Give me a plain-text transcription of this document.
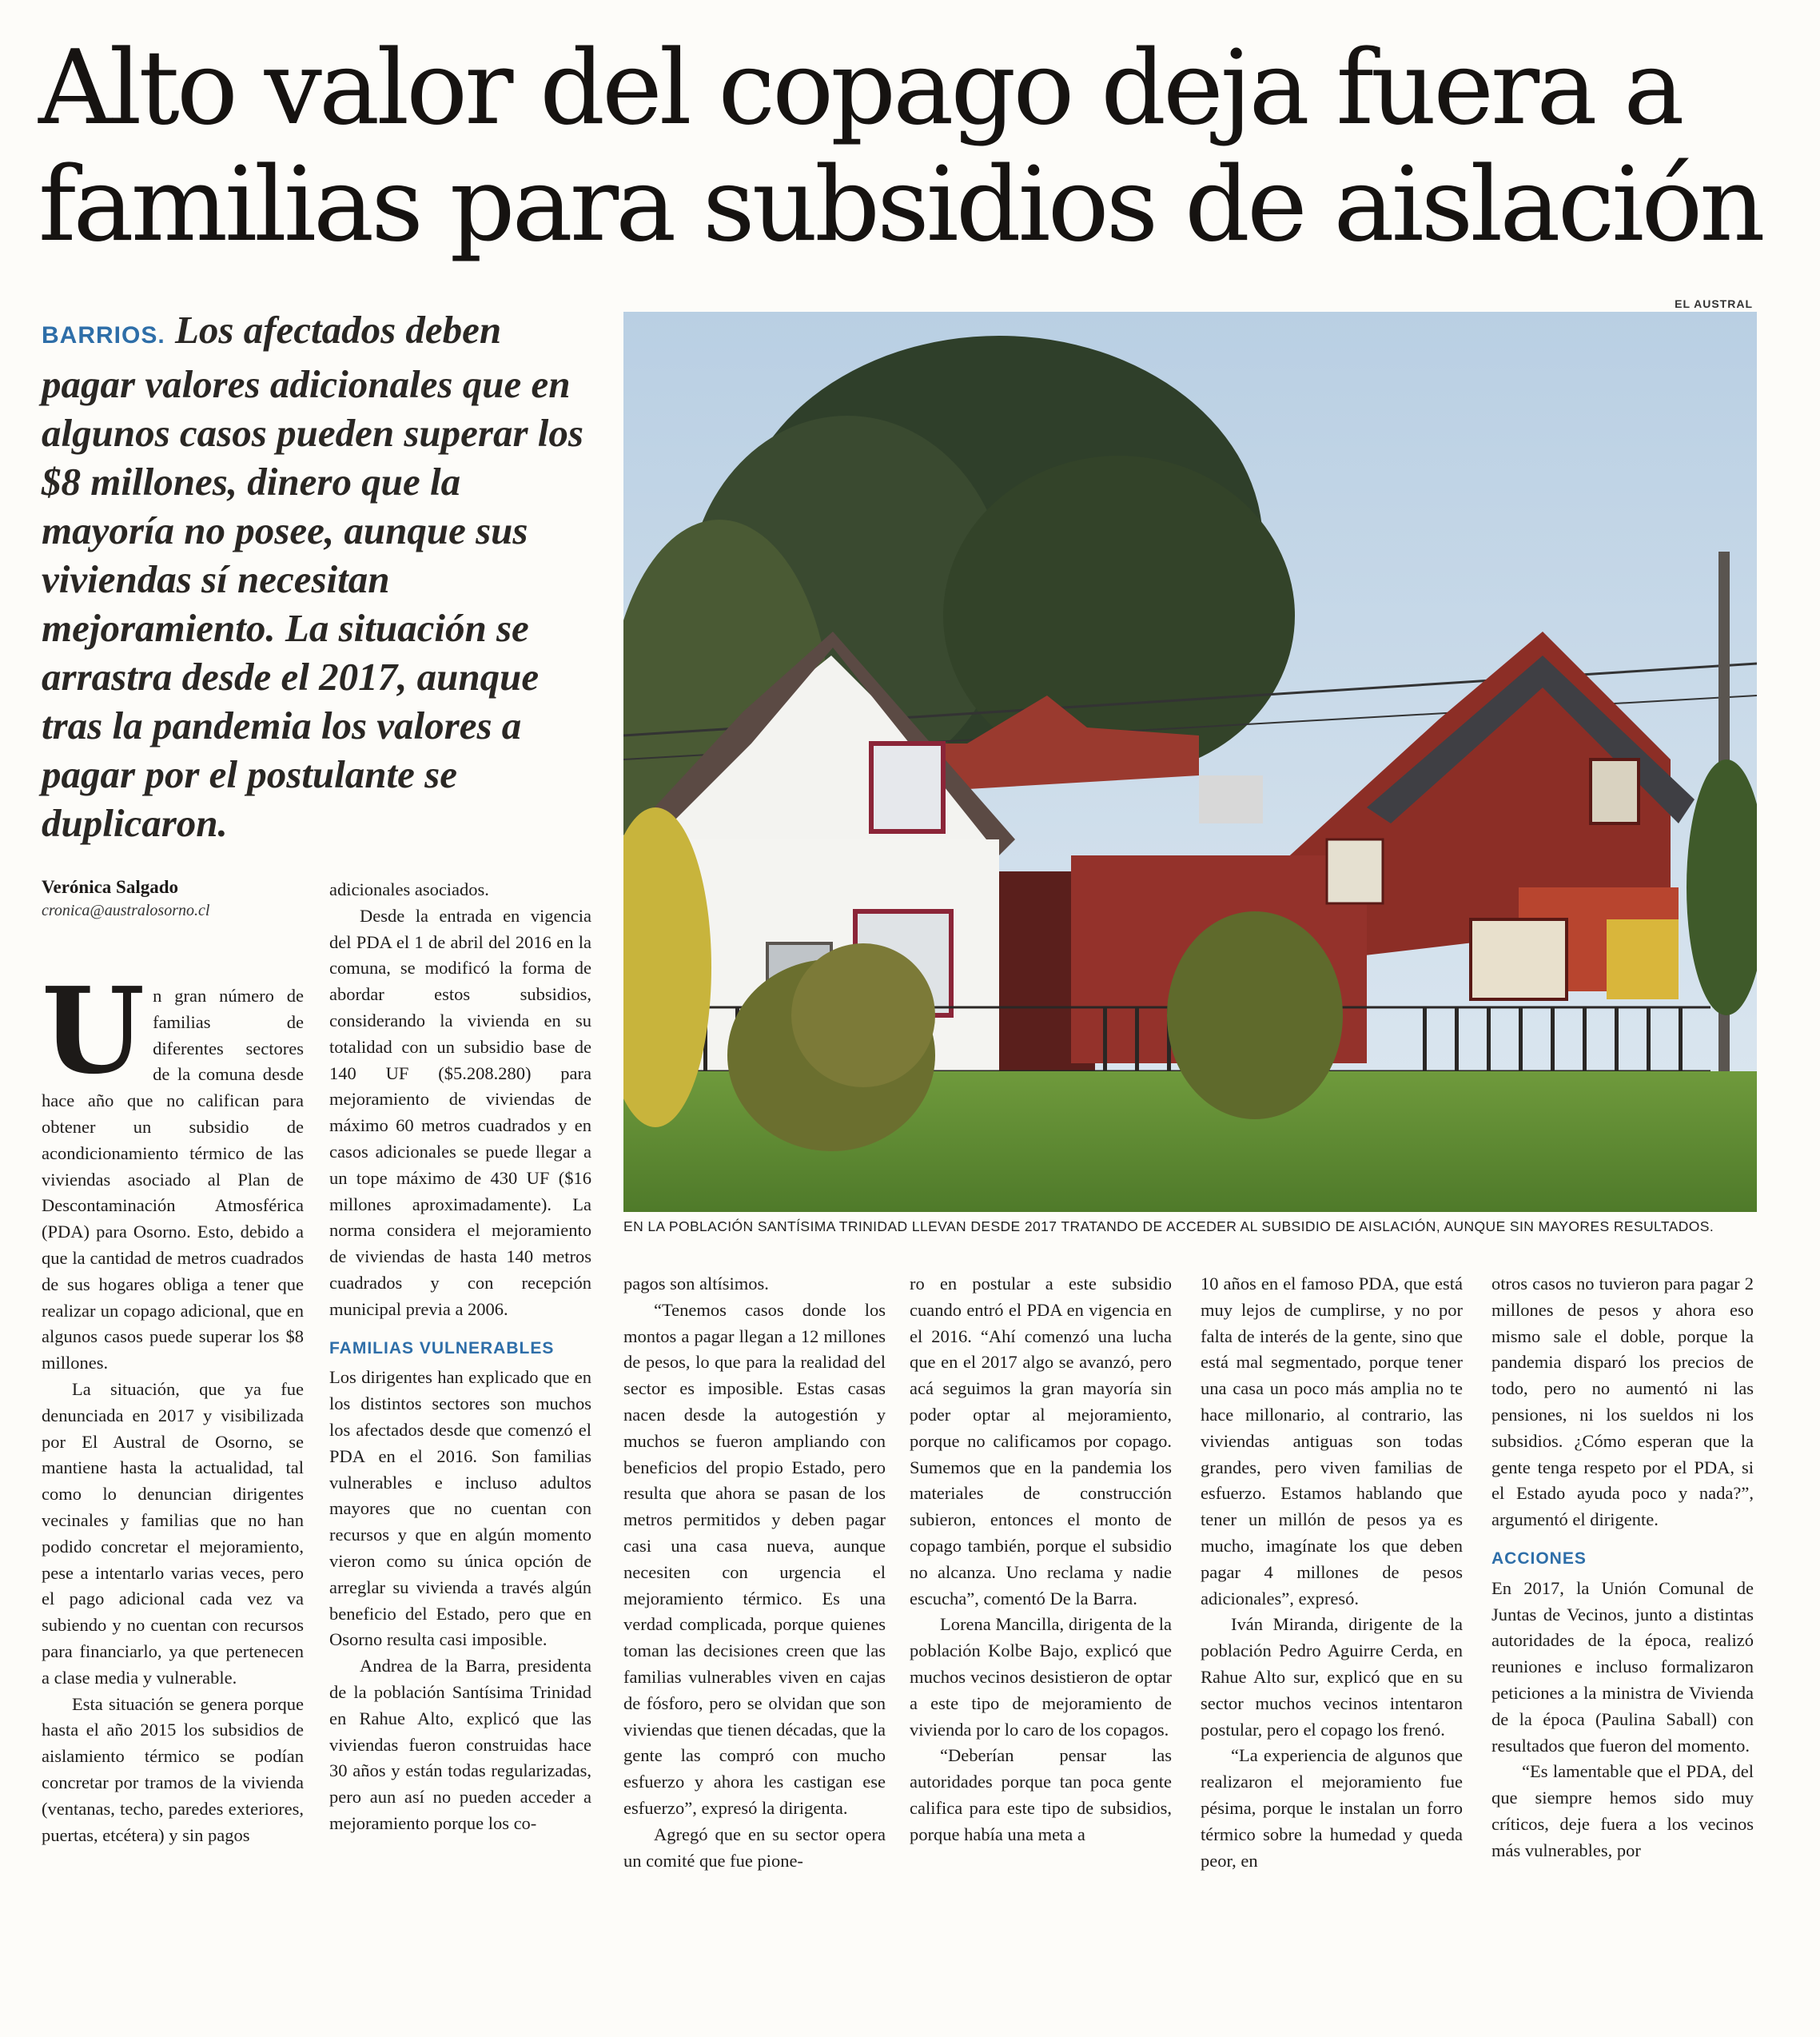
Alto valor del copago deja fuera a
familias para subsidios de aislación
BARRIOS. Los afectados deben pagar valores adicionales que en algunos casos pueden superar los $8 millones, dinero que la mayoría no posee, aunque sus viviendas sí necesitan mejoramiento. La situación se arrastra desde el 2017, aunque tras la pandemia los valores a pagar por el postulante se duplicaron.
EL AUSTRAL
EN LA POBLACIÓN SANTÍSIMA TRINIDAD LLEVAN DESDE 2017 TRATANDO DE ACCEDER AL SUBSIDIO DE AISLACIÓN, AUNQUE SIN MAYORES RESULTADOS.
Verónica Salgado
cronica@australosorno.cl

Un gran número de familias de diferentes sectores de la comuna desde hace año que no califican para obtener un subsidio de acondicionamiento térmico de las viviendas asociado al Plan de Descontaminación Atmosférica (PDA) para Osorno. Esto, debido a que la cantidad de metros cuadrados de sus hogares obliga a tener que realizar un copago adicional, que en algunos casos puede superar los $8 millones.

La situación, que ya fue denunciada en 2017 y visibilizada por El Austral de Osorno, se mantiene hasta la actualidad, tal como lo denuncian dirigentes vecinales y familias que no han podido concretar el mejoramiento, pese a intentarlo varias veces, pero el pago adicional cada vez va subiendo y no cuentan con recursos para financiarlo, ya que pertenecen a clase media y vulnerable.

Esta situación se genera porque hasta el año 2015 los subsidios de aislamiento térmico se podían concretar por tramos de la vivienda (ventanas, techo, paredes exteriores, puertas, etcétera) y sin pagos

adicionales asociados.

Desde la entrada en vigencia del PDA el 1 de abril del 2016 en la comuna, se modificó la forma de abordar estos subsidios, considerando la vivienda en su totalidad con un subsidio base de 140 UF ($5.208.280) para mejoramiento de viviendas de máximo 60 metros cuadrados y en casos adicionales se puede llegar a un tope máximo de 430 UF ($16 millones aproximadamente). La norma considera el mejoramiento de viviendas de hasta 140 metros cuadrados y con recepción municipal previa a 2006.

FAMILIAS VULNERABLES

Los dirigentes han explicado que en los distintos sectores son muchos los afectados desde que comenzó el PDA en el 2016. Son familias vulnerables e incluso adultos mayores que no cuentan con recursos y que en algún momento vieron como su única opción de arreglar su vivienda a través algún beneficio del Estado, pero que en Osorno resulta casi imposible.

Andrea de la Barra, presidenta de la población Santísima Trinidad en Rahue Alto, explicó que las viviendas fueron construidas hace 30 años y están todas regularizadas, pero aun así no pueden acceder a mejoramiento porque los co-

pagos son altísimos.

“Tenemos casos donde los montos a pagar llegan a 12 millones de pesos, lo que para la realidad del sector es imposible. Estas casas nacen desde la autogestión y muchos se fueron ampliando con beneficios del propio Estado, pero resulta que ahora se pasan de los metros permitidos y deben pagar casi una casa nueva, aunque necesiten con urgencia el mejoramiento térmico. Es una verdad complicada, porque quienes toman las decisiones creen que las familias vulnerables viven en cajas de fósforo, pero se olvidan que son viviendas que tienen décadas, que la gente las compró con mucho esfuerzo y ahora les castigan ese esfuerzo”, expresó la dirigenta.

Agregó que en su sector opera un comité que fue pione-

ro en postular a este subsidio cuando entró el PDA en vigencia en el 2016. “Ahí comenzó una lucha que en el 2017 algo se avanzó, pero acá seguimos la gran mayoría sin poder optar al mejoramiento, porque no calificamos por copago. Sumemos que en la pandemia los materiales de construcción subieron, entonces el monto de copago también, porque el subsidio no alcanza. Uno reclama y nadie escucha”, comentó De la Barra.

Lorena Mancilla, dirigenta de la población Kolbe Bajo, explicó que muchos vecinos desistieron de optar a este tipo de mejoramiento de vivienda por lo caro de los copagos.

“Deberían pensar las autoridades porque tan poca gente califica para este tipo de subsidios, porque había una meta a

10 años en el famoso PDA, que está muy lejos de cumplirse, y no por falta de interés de la gente, sino que está mal segmentado, porque tener una casa un poco más amplia no te hace millonario, al contrario, las viviendas antiguas son todas grandes, pero viven familias de esfuerzo. Estamos hablando que tener un millón de pesos ya es mucho, imagínate los que deben pagar 4 millones de pesos adicionales”, expresó.

Iván Miranda, dirigente de la población Pedro Aguirre Cerda, en Rahue Alto sur, explicó que en su sector muchos vecinos intentaron postular, pero el copago los frenó.

“La experiencia de algunos que realizaron el mejoramiento fue pésima, porque le instalan un forro térmico sobre la humedad y queda peor, en

otros casos no tuvieron para pagar 2 millones de pesos y ahora eso mismo sale el doble, porque la pandemia disparó los precios de todo, pero no aumentó ni las pensiones, ni los sueldos ni los subsidios. ¿Cómo esperan que la gente tenga respeto por el PDA, si el Estado ayuda poco y nada?”, argumentó el dirigente.

ACCIONES

En 2017, la Unión Comunal de Juntas de Vecinos, junto a distintas autoridades de la época, realizó reuniones e incluso formalizaron peticiones a la ministra de Vivienda de la época (Paulina Saball) con resultados que fueron del momento.

“Es lamentable que el PDA, del que siempre hemos sido muy críticos, deje fuera a los vecinos más vulnerables, por
